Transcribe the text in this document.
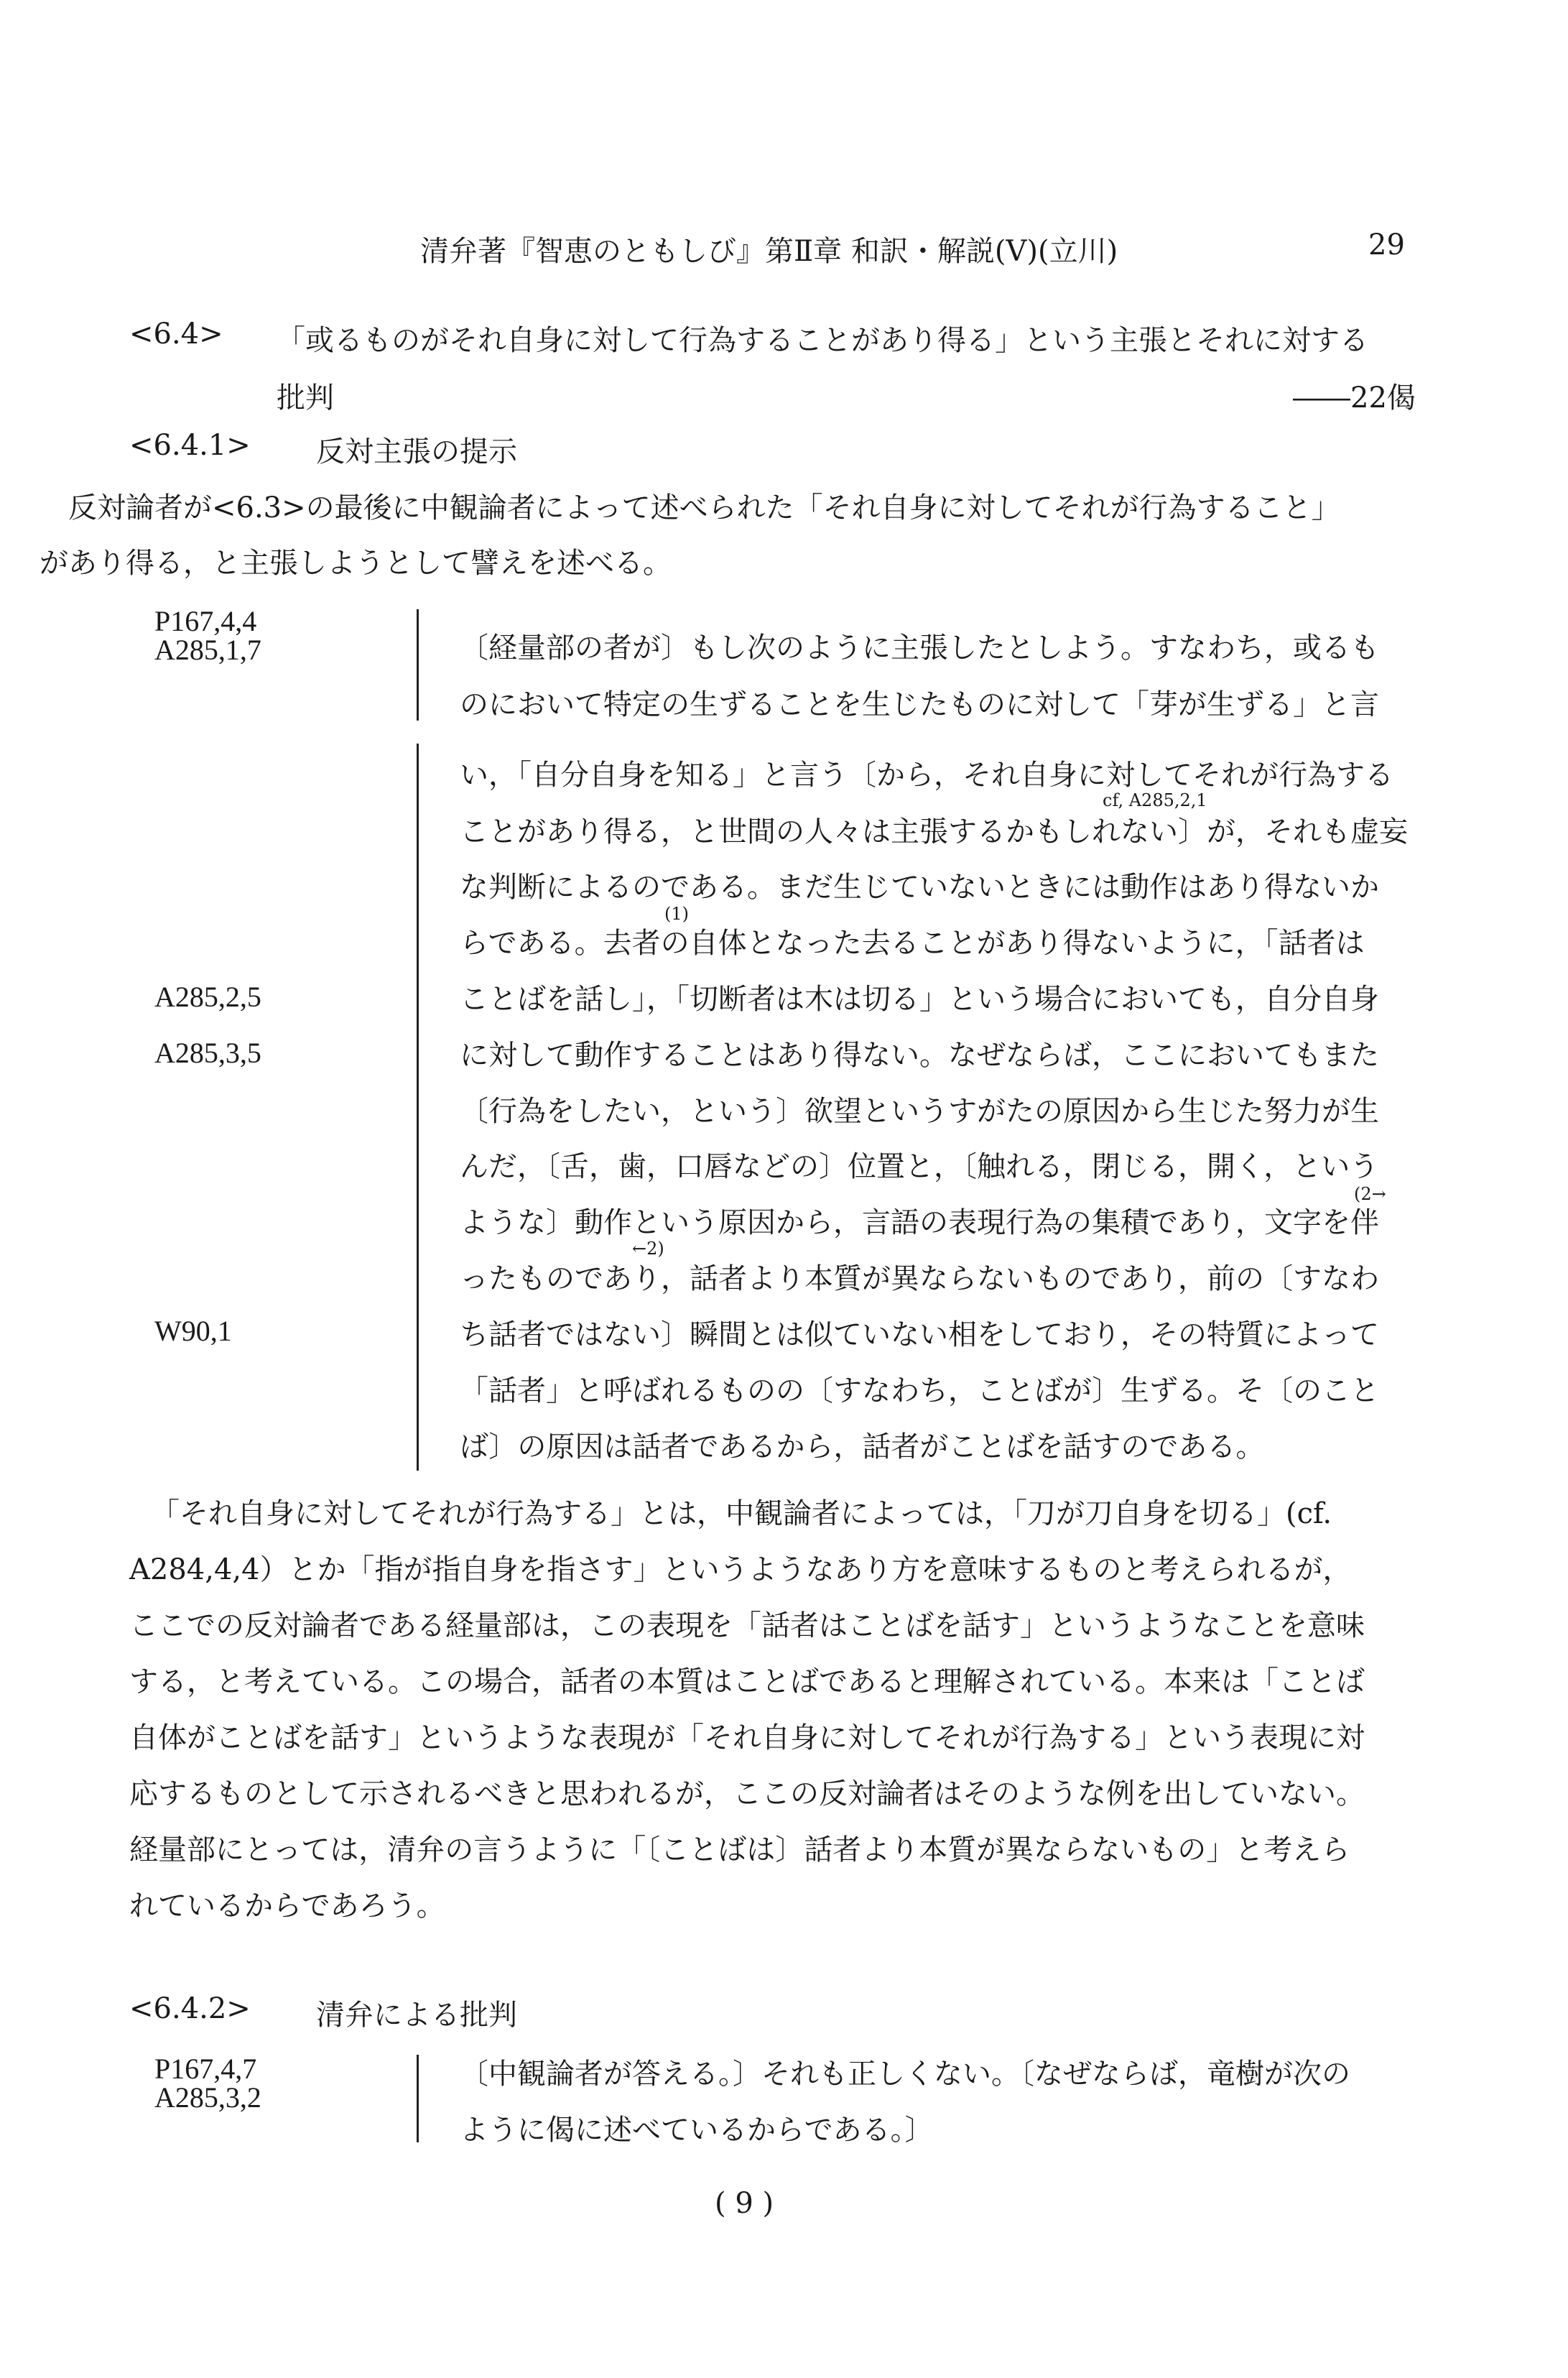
清弁著『智恵のともしび』第Ⅱ章 和訳・解説(Ⅴ)(立川)	29
<6.4> 「或るものがそれ自身に対して行為することがあり得る」という主張とそれに対する
批判	――22偈
<6.4.1> 反対主張の提示
反対論者が<6.3>の最後に中観論者によって述べられた「それ自身に対してそれが行為すること」
があり得る，と主張しようとして譬えを述べる。
P167,4,4
A285,1,7
A285,2,5
A285,3,5
W90,1
〔経量部の者が〕もし次のように主張したとしよう。すなわち，或るも
のにおいて特定の生ずることを生じたものに対して「芽が生ずる」と言
い，「自分自身を知る」と言う〔から，それ自身に対してそれが行為する
ことがあり得る，と世間の人々は主張するかもしれない〕が，それも虚妄
な判断によるのである。まだ生じていないときには動作はあり得ないか
らである。去者の自体となった去ることがあり得ないように，「話者は
ことばを話し」，「切断者は木は切る」という場合においても，自分自身
に対して動作することはあり得ない。なぜならば，ここにおいてもまた
〔行為をしたい，という〕欲望というすがたの原因から生じた努力が生
んだ，〔舌，歯，口唇などの〕位置と，〔触れる，閉じる，開く，という
ような〕動作という原因から，言語の表現行為の集積であり，文字を伴
ったものであり，話者より本質が異ならないものであり，前の〔すなわ
ち話者ではない〕瞬間とは似ていない相をしており，その特質によって
「話者」と呼ばれるものの〔すなわち，ことばが〕生ずる。そ〔のこと
ば〕の原因は話者であるから，話者がことばを話すのである。
cf, A285,2,1
(1)
(2→
←2)
「それ自身に対してそれが行為する」とは，中観論者によっては，「刀が刀自身を切る」(cf.
A284,4,4）とか「指が指自身を指さす」というようなあり方を意味するものと考えられるが，
ここでの反対論者である経量部は，この表現を「話者はことばを話す」というようなことを意味
する，と考えている。この場合，話者の本質はことばであると理解されている。本来は「ことば
自体がことばを話す」というような表現が「それ自身に対してそれが行為する」という表現に対
応するものとして示されるべきと思われるが，ここの反対論者はそのような例を出していない。
経量部にとっては，清弁の言うように「〔ことばは〕話者より本質が異ならないもの」と考えら
れているからであろう。
<6.4.2> 清弁による批判
P167,4,7
A285,3,2
〔中観論者が答える。〕それも正しくない。〔なぜならば，竜樹が次の
ように偈に述べているからである。〕
( 9 )
